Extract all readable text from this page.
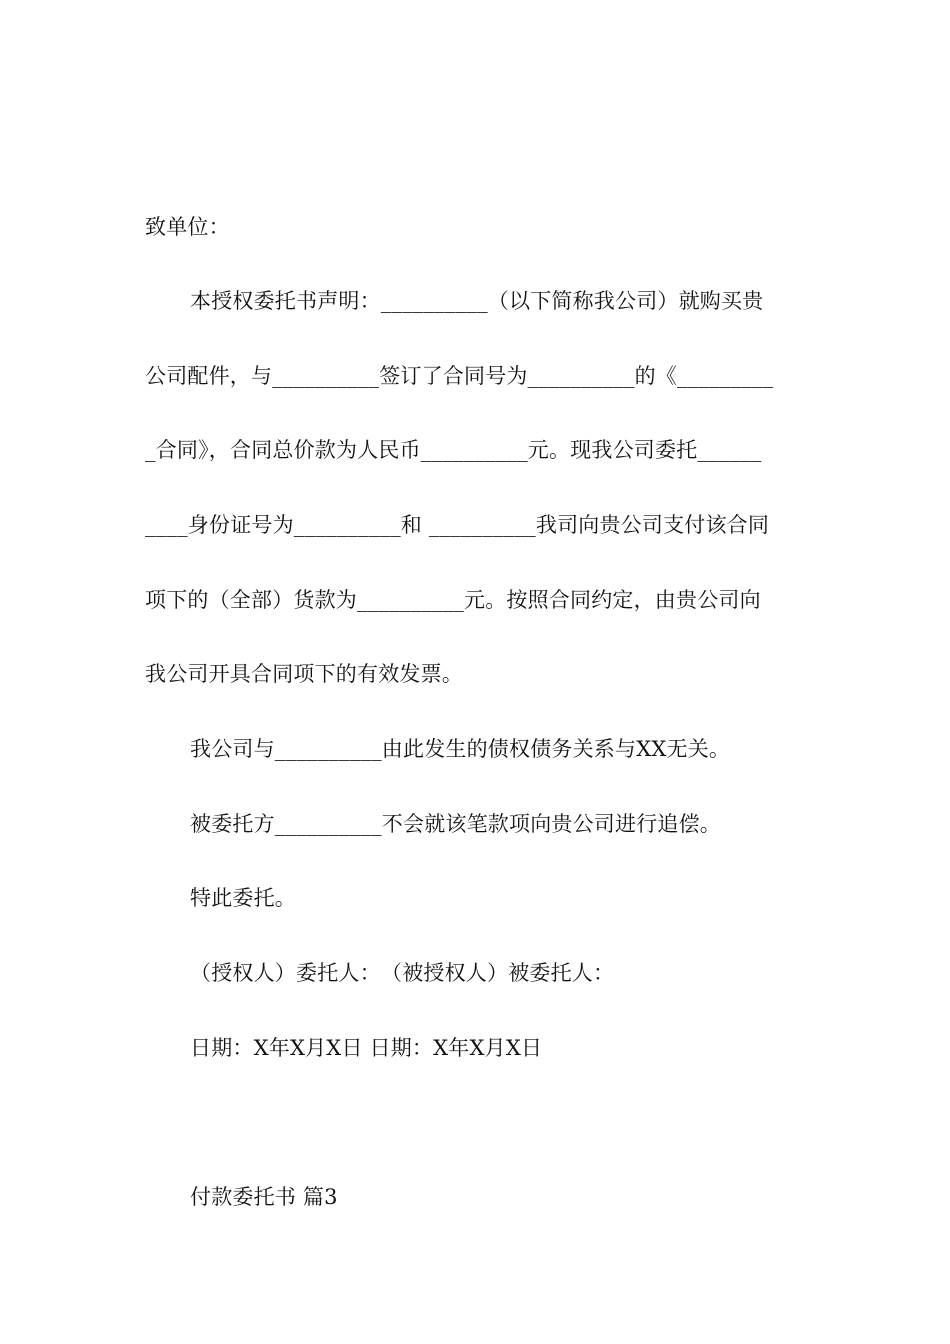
致单位：
本授权委托书声明：__________（以下简称我公司）就购买贵
公司配件，与__________签订了合同号为__________的《_________
_合同》，合同总价款为人民币__________元。现我公司委托______
____身份证号为__________和 __________我司向贵公司支付该合同
项下的（全部）货款为__________元。按照合同约定，由贵公司向
我公司开具合同项下的有效发票。
我公司与__________由此发生的债权债务关系与XX无关。
被委托方__________不会就该笔款项向贵公司进行追偿。
特此委托。
（授权人）委托人：　（被授权人）被委托人：
日期：X年X月X日 日期：X年X月X日
付款委托书 篇3
